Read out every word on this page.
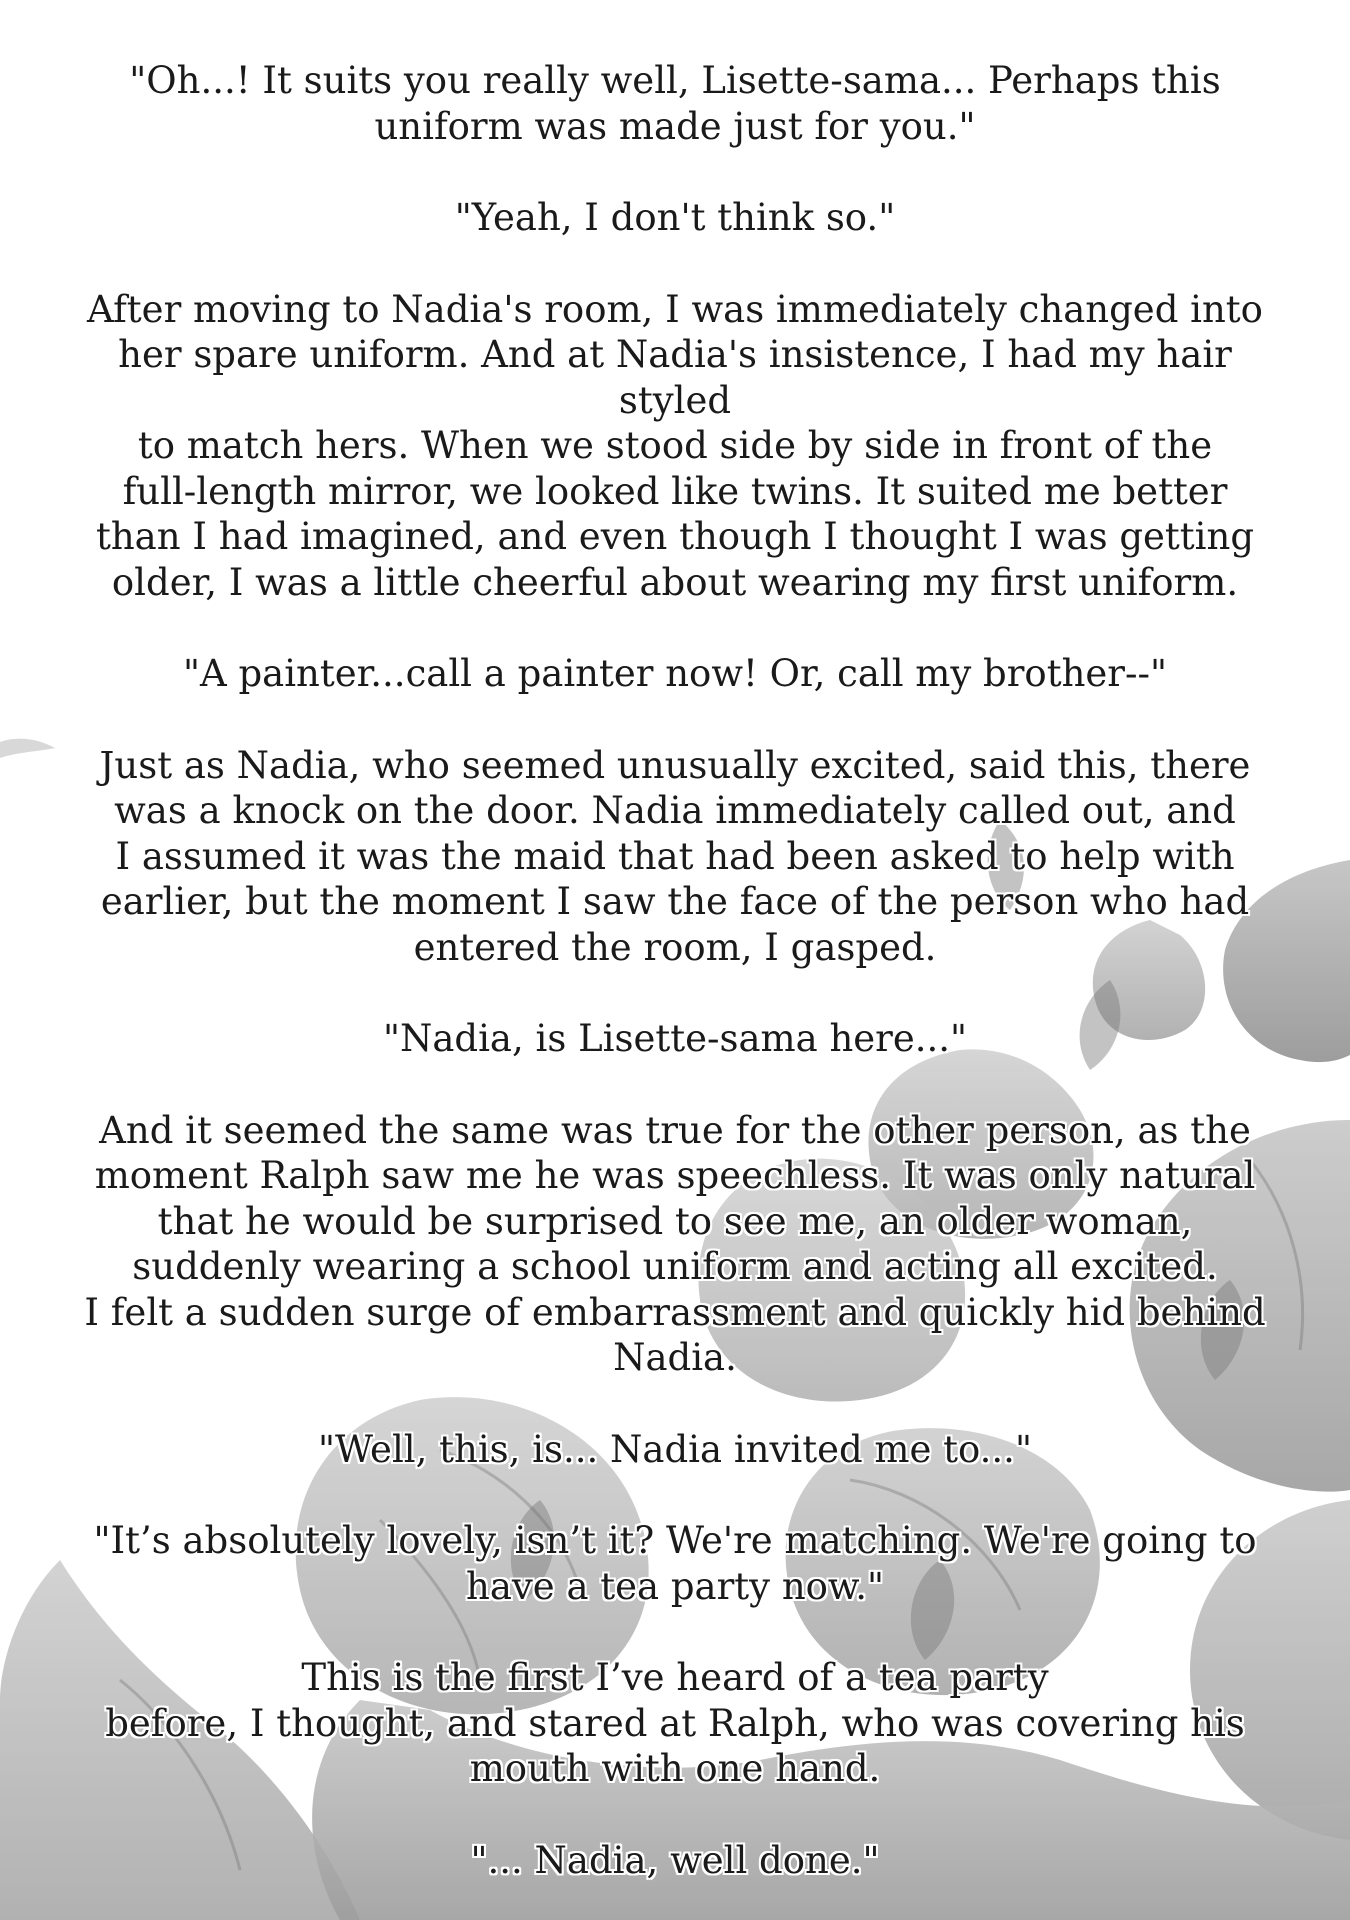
"Oh...! It suits you really well, Lisette-sama... Perhaps this
uniform was made just for you."

"Yeah, I don't think so."

After moving to Nadia's room, I was immediately changed into
her spare uniform. And at Nadia's insistence, I had my hair styled
to match hers. When we stood side by side in front of the
full-length mirror, we looked like twins. It suited me better
than I had imagined, and even though I thought I was getting
older, I was a little cheerful about wearing my first uniform.

"A painter...call a painter now! Or, call my brother--"

Just as Nadia, who seemed unusually excited, said this, there
was a knock on the door. Nadia immediately called out, and
I assumed it was the maid that had been asked to help with
earlier, but the moment I saw the face of the person who had
entered the room, I gasped.

"Nadia, is Lisette-sama here..."

And it seemed the same was true for the other person, as the
moment Ralph saw me he was speechless. It was only natural
that he would be surprised to see me, an older woman,
suddenly wearing a school uniform and acting all excited.
I felt a sudden surge of embarrassment and quickly hid behind
Nadia.

"Well, this, is... Nadia invited me to..."

"It’s absolutely lovely, isn’t it? We're matching. We're going to
have a tea party now."

This is the first I’ve heard of a tea party
before, I thought, and stared at Ralph, who was covering his
mouth with one hand.

"... Nadia, well done."
